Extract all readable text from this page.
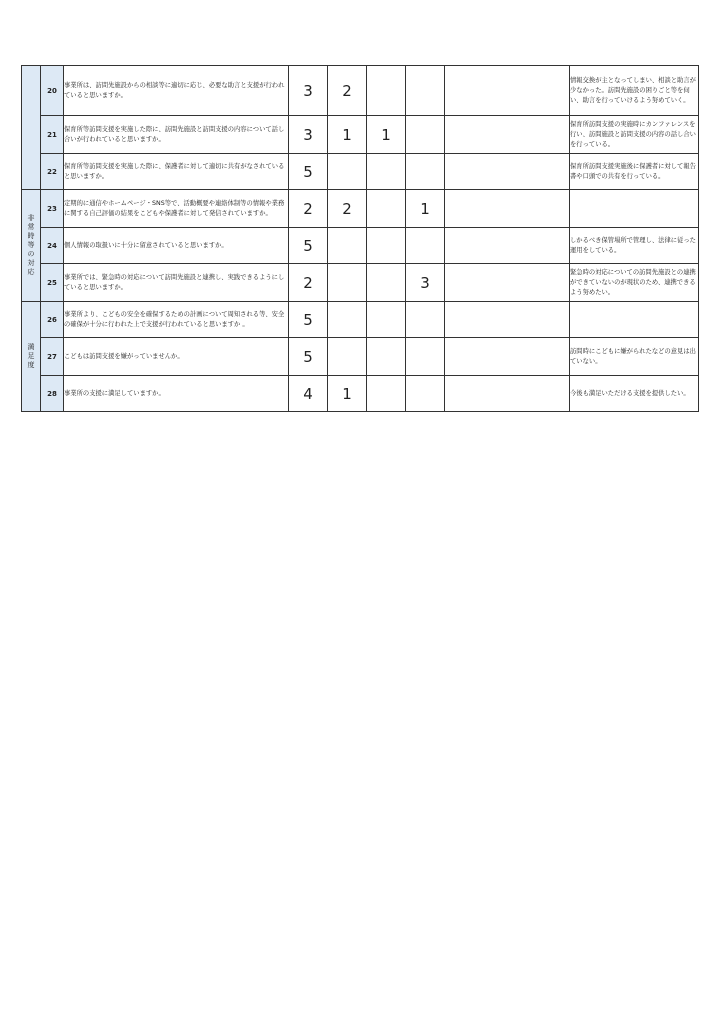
	20	事業所は、訪問先施設からの相談等に適切に応じ、必要な助言と支援が行われていると思いますか。	3	2				情報交換が主となってしまい、相談と助言が少なかった。訪問先施設の困りごと等を伺い、助言を行っていけるよう努めていく。
	21	保育所等訪問支援を実施した際に、訪問先施設と訪問支援の内容について話し合いが行われていると思いますか。	3	1	1			保育所訪問支援の実施時にカンファレンスを行い、訪問施設と訪問支援の内容の話し合いを行っている。
	22	保育所等訪問支援を実施した際に、保護者に対して適切に共有がなされていると思いますか。	5					保育所訪問支援実施後に保護者に対して報告書や口頭での共有を行っている。
非常時等の対応	23	定期的に通信やホームページ・SNS等で、活動概要や連絡体制等の情報や業務に関する自己評価の結果をこどもや保護者に対して発信されていますか。	2	2		1		
	24	個人情報の取扱いに十分に留意されていると思いますか。	5					しかるべき保管場所で管理し、法律に従った運用をしている。
	25	事業所では、緊急時の対応について訪問先施設と連携し、実践できるようにしていると思いますか。	2			3		緊急時の対応についての訪問先施設との連携ができていないのが現状のため、連携できるよう努めたい。
満足度	26	事業所より、こどもの安全を確保するための計画について周知される等、安全の確保が十分に行われた上で支援が行われていると思いますか 。	5					
	27	こどもは訪問支援を嫌がっていませんか。	5					訪問時にこどもに嫌がられたなどの意見は出ていない。
	28	事業所の支援に満足していますか。	4	1				今後も満足いただける支援を提供したい。
